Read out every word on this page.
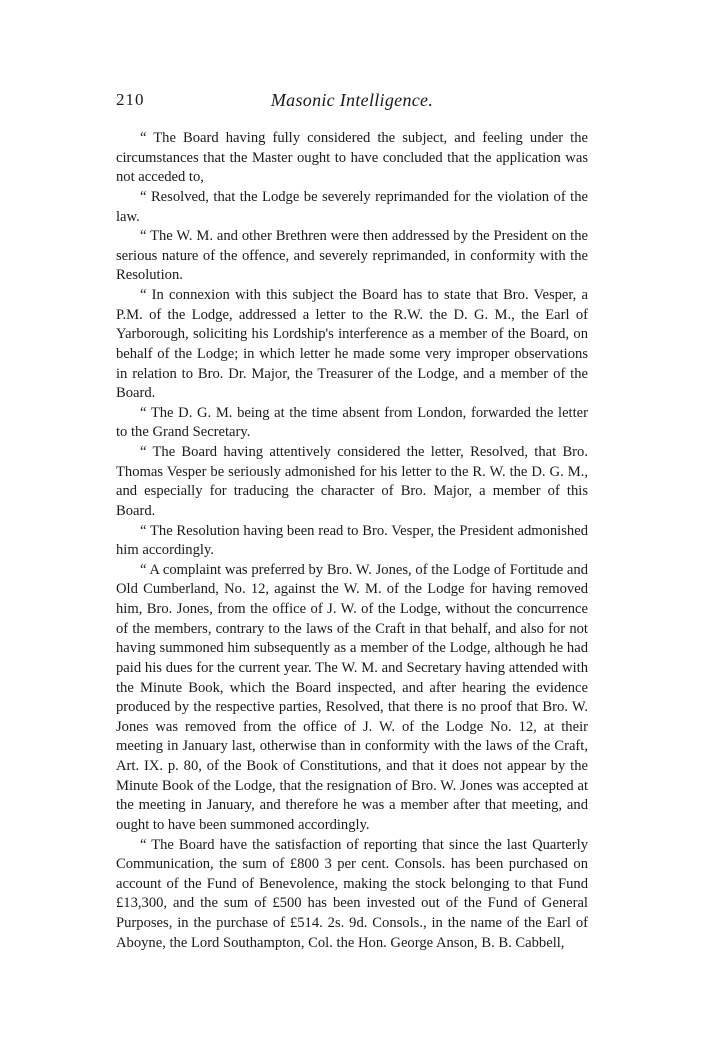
210	Masonic Intelligence.

“ The Board having fully considered the subject, and feeling under the circumstances that the Master ought to have concluded that the application was not acceded to,

“ Resolved, that the Lodge be severely reprimanded for the violation of the law.

“ The W. M. and other Brethren were then addressed by the President on the serious nature of the offence, and severely reprimanded, in conformity with the Resolution.

“ In connexion with this subject the Board has to state that Bro. Vesper, a P.M. of the Lodge, addressed a letter to the R.W. the D. G. M., the Earl of Yarborough, soliciting his Lordship's interference as a member of the Board, on behalf of the Lodge; in which letter he made some very improper observations in relation to Bro. Dr. Major, the Treasurer of the Lodge, and a member of the Board.

“ The D. G. M. being at the time absent from London, forwarded the letter to the Grand Secretary.

“ The Board having attentively considered the letter, Resolved, that Bro. Thomas Vesper be seriously admonished for his letter to the R. W. the D. G. M., and especially for traducing the character of Bro. Major, a member of this Board.

“ The Resolution having been read to Bro. Vesper, the President admonished him accordingly.

“ A complaint was preferred by Bro. W. Jones, of the Lodge of Fortitude and Old Cumberland, No. 12, against the W. M. of the Lodge for having removed him, Bro. Jones, from the office of J. W. of the Lodge, without the concurrence of the members, contrary to the laws of the Craft in that behalf, and also for not having summoned him subsequently as a member of the Lodge, although he had paid his dues for the current year. The W. M. and Secretary having attended with the Minute Book, which the Board inspected, and after hearing the evidence produced by the respective parties, Resolved, that there is no proof that Bro. W. Jones was removed from the office of J. W. of the Lodge No. 12, at their meeting in January last, otherwise than in conformity with the laws of the Craft, Art. IX. p. 80, of the Book of Constitutions, and that it does not appear by the Minute Book of the Lodge, that the resignation of Bro. W. Jones was accepted at the meeting in January, and therefore he was a member after that meeting, and ought to have been summoned accordingly.

“ The Board have the satisfaction of reporting that since the last Quarterly Communication, the sum of £800 3 per cent. Consols. has been purchased on account of the Fund of Benevolence, making the stock belonging to that Fund £13,300, and the sum of £500 has been invested out of the Fund of General Purposes, in the purchase of £514. 2s. 9d. Consols., in the name of the Earl of Aboyne, the Lord Southampton, Col. the Hon. George Anson, B. B. Cabbell,
